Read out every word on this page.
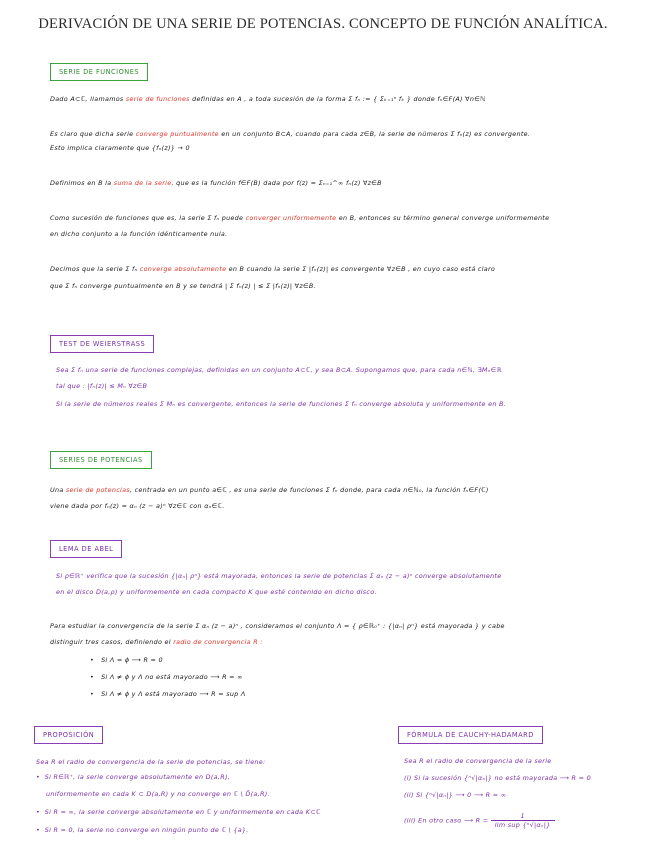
DERIVACIÓN DE UNA SERIE DE POTENCIAS. CONCEPTO DE FUNCIÓN ANALÍTICA.
SERIE DE FUNCIONES
Dado A⊂ℂ, llamamos serie de funciones definidas en A , a toda sucesión de la forma Σ fₙ := { Σₖ₌₁ⁿ fₖ } donde fₙ∈F(A) ∀n∈ℕ
Es claro que dicha serie converge puntualmente en un conjunto B⊂A, cuando para cada z∈B, la serie de números Σ fₙ(z) es convergente.
Esto implica claramente que {fₙ(z)} → 0
Definimos en B la suma de la serie, que es la función f∈F(B) dada por f(z) = Σₙ₌₁^∞ fₙ(z) ∀z∈B
Como sucesión de funciones que es, la serie Σ fₙ puede converger uniformemente en B, entonces su término general converge uniformemente
en dicho conjunto a la función idénticamente nula.
Decimos que la serie Σ fₙ converge absolutamente en B cuando la serie Σ |fₙ(z)| es convergente ∀z∈B , en cuyo caso está claro
que Σ fₙ converge puntualmente en B y se tendrá | Σ fₙ(z) | ≤ Σ |fₙ(z)| ∀z∈B.
TEST DE WEIERSTRASS
Sea Σ fₙ una serie de funciones complejas, definidas en un conjunto A⊂ℂ, y sea B⊂A. Supongamos que, para cada n∈ℕ, ∃Mₙ∈ℝ
tal que : |fₙ(z)| ≤ Mₙ ∀z∈B
Si la serie de números reales Σ Mₙ es convergente, entonces la serie de funciones Σ fₙ converge absoluta y uniformemente en B.
SERIES DE POTENCIAS
Una serie de potencias, centrada en un punto a∈ℂ , es una serie de funciones Σ fₙ donde, para cada n∈ℕ₀, la función fₙ∈F(ℂ)
viene dada por fₙ(z) = αₙ (z − a)ⁿ ∀z∈ℂ con αₙ∈ℂ.
LEMA DE ABEL
Si ρ∈ℝ⁺ verifica que la sucesión {|αₙ| ρⁿ} está mayorada, entonces la serie de potencias Σ αₙ (z − a)ⁿ converge absolutamente
en el disco D(a,ρ) y uniformemente en cada compacto K que esté contenido en dicho disco.
Para estudiar la convergencia de la serie Σ αₙ (z − a)ⁿ , consideramos el conjunto Λ = { ρ∈ℝ₀⁺ : {|αₙ| ρⁿ} está mayorada } y cabe
distinguir tres casos, definiendo el radio de convergencia R :
•   Si Λ = ϕ ⟶ R = 0
•   Si Λ ≠ ϕ y Λ no está mayorado ⟶ R = ∞
•   Si Λ ≠ ϕ y Λ está mayorado ⟶ R = sup Λ
PROPOSICIÓN
Sea R el radio de convergencia de la serie de potencias, se tiene:
•  Si R∈ℝ⁺, la serie converge absolutamente en D(a,R),
uniformemente en cada K ⊂ D(a,R) y no converge en ℂ \ D̄(a,R).
•  Si R = ∞, la serie converge absolutamente en ℂ y uniformemente en cada K⊂ℂ
•  Si R = 0, la serie no converge en ningún punto de ℂ \ {a}.
FÓRMULA DE CAUCHY-HADAMARD
Sea R el radio de convergencia de la serie
(i) Si la sucesión {ⁿ√|αₙ|} no está mayorada ⟶ R = 0
(ii) Si {ⁿ√|αₙ|} ⟶ 0 ⟶ R = ∞
(iii) En otro caso ⟶ R =
1
lim sup {ⁿ√|αₙ|}
